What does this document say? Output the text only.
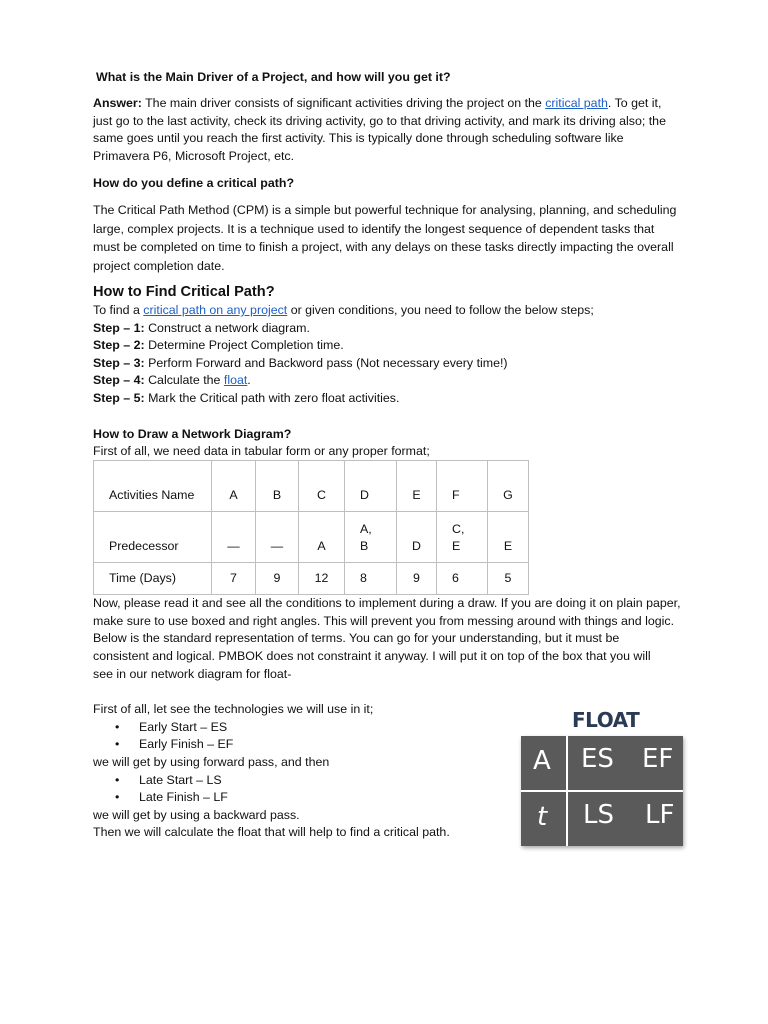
What is the Main Driver of a Project, and how will you get it?

Answer: The main driver consists of significant activities driving the project on the critical path. To get it, just go to the last activity, check its driving activity, go to that driving activity, and mark its driving also; the same goes until you reach the first activity. This is typically done through scheduling software like Primavera P6, Microsoft Project, etc.

How do you define a critical path?

The Critical Path Method (CPM) is a simple but powerful technique for analysing, planning, and scheduling large, complex projects. It is a technique used to identify the longest sequence of dependent tasks that must be completed on time to finish a project, with any delays on these tasks directly impacting the overall project completion date.

How to Find Critical Path?
To find a critical path on any project or given conditions, you need to follow the below steps;
Step – 1: Construct a network diagram.
Step – 2: Determine Project Completion time.
Step – 3: Perform Forward and Backword pass (Not necessary every time!)
Step – 4: Calculate the float.
Step – 5: Mark the Critical path with zero float activities.
How to Draw a Network Diagram?
First of all, we need data in tabular form or any proper format;
Activities Name	A	B	C	D	E	F	G
Predecessor	—	—	A	A, B	D	C, E	E
Time (Days)	7	9	12	8	9	6	5

Now, please read it and see all the conditions to implement during a draw. If you are doing it on plain paper, make sure to use boxed and right angles. This will prevent you from messing around with things and logic.

Below is the standard representation of terms. You can go for your understanding, but it must be consistent and logical. PMBOK does not constraint it anyway. I will put it on top of the box that you will see in our network diagram for float-

First of all, let see the technologies we will use in it;
• Early Start – ES
• Early Finish – EF
we will get by using forward pass, and then
• Late Start – LS
• Late Finish – LF
we will get by using a backward pass.
Then we will calculate the float that will help to find a critical path.
FLOAT
A ES EF
t LS LF
